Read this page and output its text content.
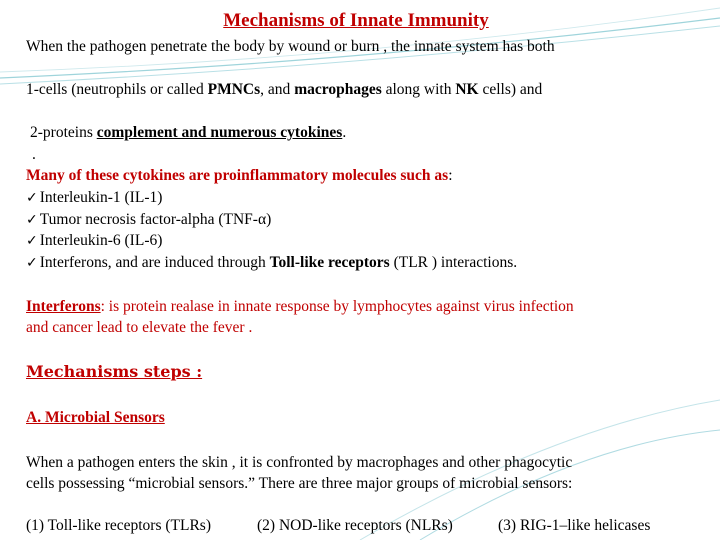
Mechanisms of Innate Immunity
When the pathogen penetrate the body by wound or burn , the innate system has both
1-cells (neutrophils or called PMNCs, and macrophages along with NK cells) and
2-proteins complement and numerous cytokines.
.
Many of these cytokines are proinflammatory molecules such as:
✓ Interleukin-1 (IL-1)
✓ Tumor necrosis factor-alpha (TNF-α)
✓ Interleukin-6 (IL-6)
✓ Interferons, and are induced through Toll-like receptors (TLR ) interactions.
Interferons: is protein realase in innate response by lymphocytes against virus infection
and cancer lead to elevate the fever .
Mechanisms steps :
A. Microbial Sensors
When a pathogen enters the skin , it is confronted by macrophages and other phagocytic
cells possessing “microbial sensors.” There are three major groups of microbial sensors:
(1) Toll-like receptors (TLRs)	(2) NOD-like receptors (NLRs)	(3) RIG-1–like helicases
